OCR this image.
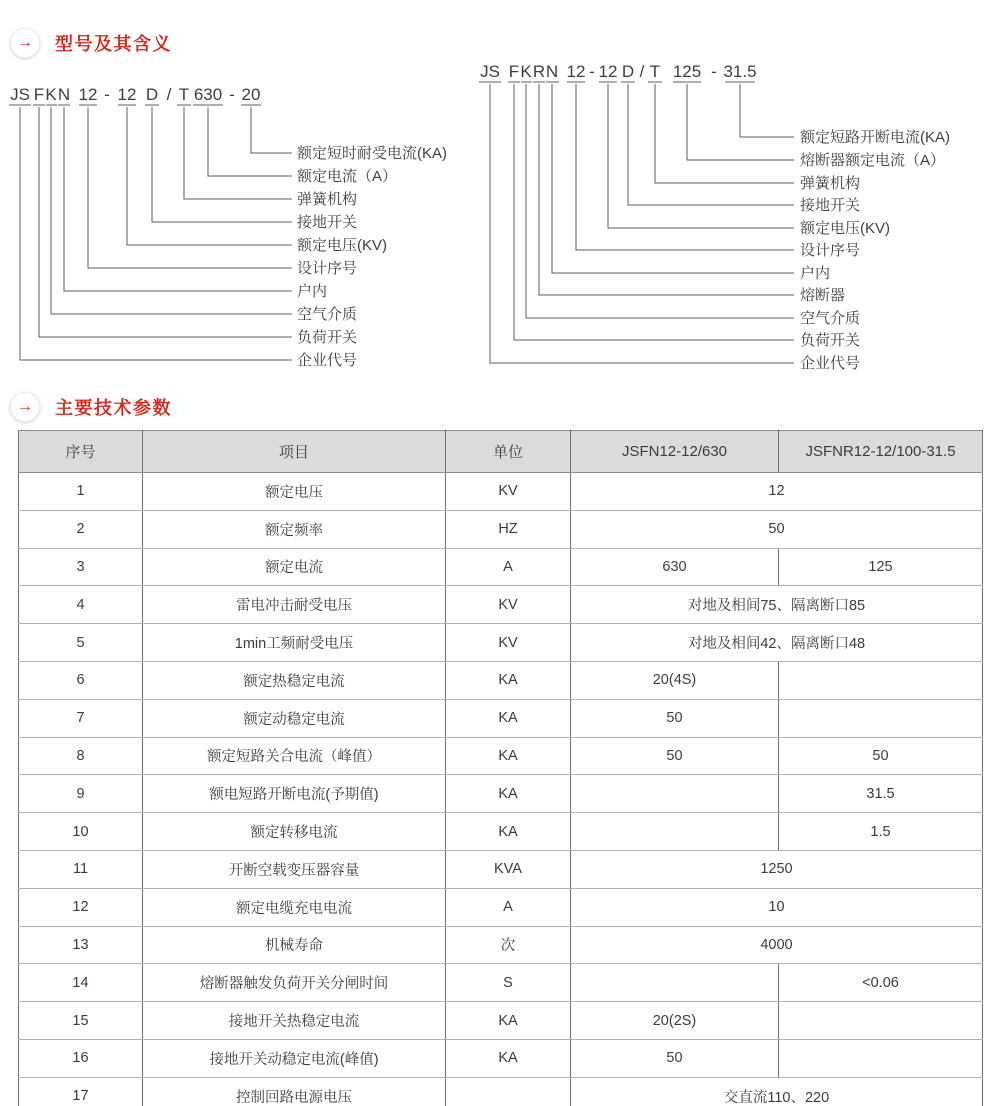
→	型号及其含义
JS F K N 12 - 12 D / T 630 - 20
额定短时耐受电流(KA)
额定电流（A）
弹簧机构
接地开关
额定电压(KV)
设计序号
户内
空气介质
负荷开关
企业代号
JS F K R N 12 - 12 D / T 125 - 31.5
额定短路开断电流(KA)
熔断器额定电流（A）
弹簧机构
接地开关
额定电压(KV)
设计序号
户内
熔断器
空气介质
负荷开关
企业代号
→	主要技术参数
序号	项目	单位	JSFN12-12/630	JSFNR12-12/100-31.5
1	额定电压	KV	12	
2	额定频率	HZ	50	
3	额定电流	A	630	125
4	雷电冲击耐受电压	KV	对地及相间75、隔离断口85	
5	1min工频耐受电压	KV	对地及相间42、隔离断口48	
6	额定热稳定电流	KA	20(4S)	
7	额定动稳定电流	KA	50	
8	额定短路关合电流（峰值）	KA	50	50
9	额电短路开断电流(予期值)	KA		31.5
10	额定转移电流	KA		1.5
11	开断空载变压器容量	KVA	1250	
12	额定电缆充电电流	A	10	
13	机械寿命	次	4000	
14	熔断器触发负荷开关分闸时间	S		<0.06
15	接地开关热稳定电流	KA	20(2S)	
16	接地开关动稳定电流(峰值)	KA	50	
17	控制回路电源电压		交直流110、220	
